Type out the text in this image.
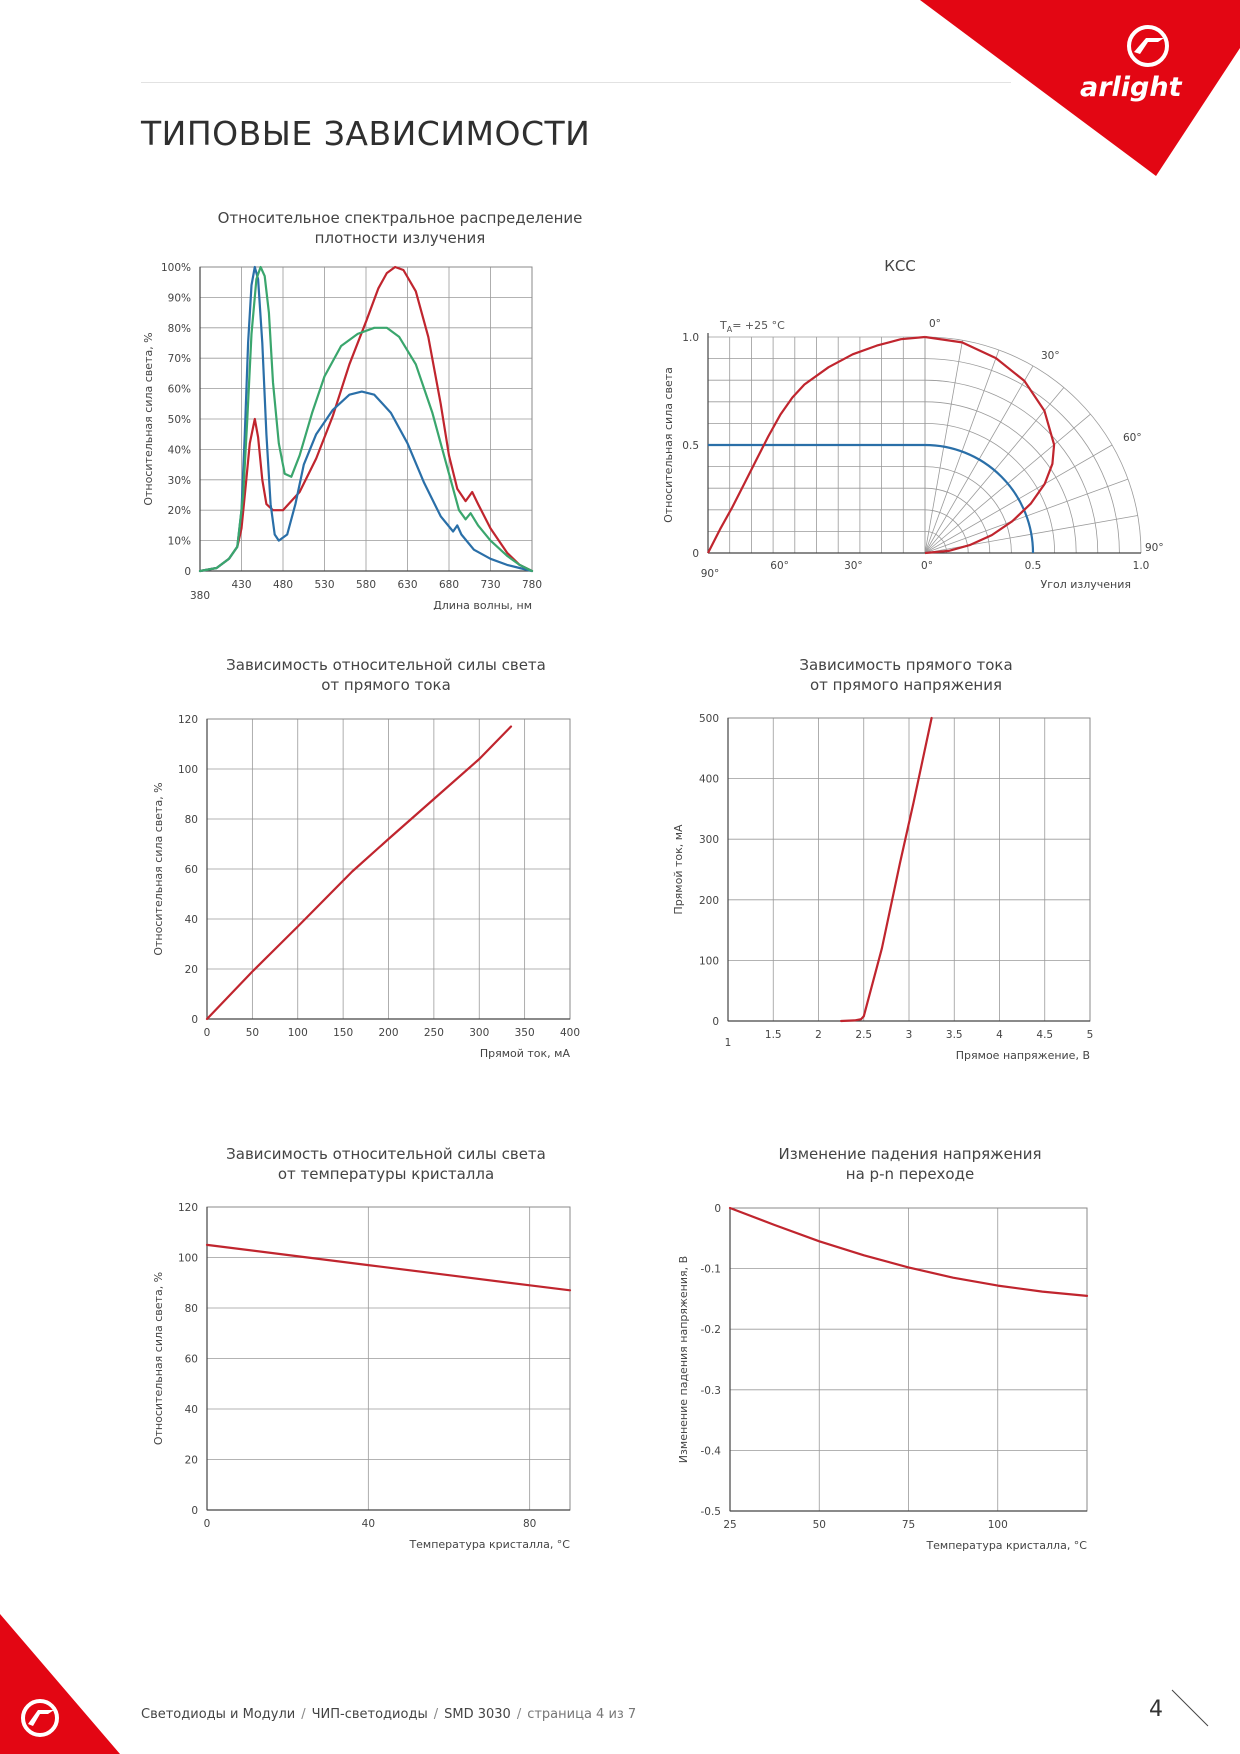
arlight
ТИПОВЫЕ ЗАВИСИМОСТИ
Относительное спектральное распределение
плотности излучения
КСС
Зависимость относительной силы света
от прямого тока
Зависимость прямого тока
от прямого напряжения
Зависимость относительной силы света
от температуры кристалла
Изменение падения напряжения
на p-n переходе
0
10%
20%
30%
40%
50%
60%
70%
80%
90%
100%
380
430 480 530 580 630 680 730 780
Длина волны, нм
Относительная сила света, %
0
0.5
1.0
90°
60°	30°	0°	0.5	1.0
0°
30°
60°
90°
Угол излучения
Относительная сила света
0
20
40
60
80
100
120
0	50	100 150 200 250 300 350 400
Прямой ток, мА
Относительная сила света, %
0
100
200
300
400
500
1
1.5	2	2.5	3	3.5	4	4.5	5
Прямое напряжение, В
Прямой ток, мА
0
20
40
60
80
100
120
0	40	80
Температура кристалла, °C
Относительная сила света, %
0
-0.1
-0.2
-0.3
-0.4
-0.5
25	50	75	100
Температура кристалла, °C
Изменение падения напряжения, В
$T_A= +25$ °C
Светодиоды и Модули / ЧИП-светодиоды / SMD 3030 / страница 4 из 7	4
